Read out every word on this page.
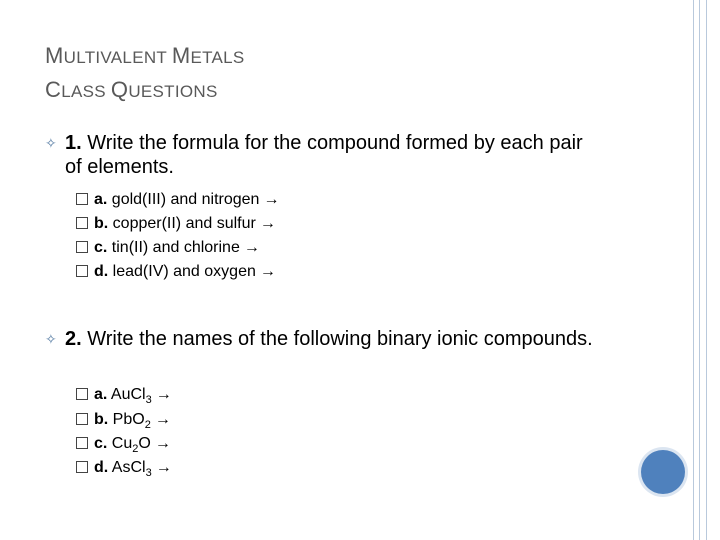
MULTIVALENT METALS
CLASS QUESTIONS
✧ 1. Write the formula for the compound formed by each pair of elements.
a. gold(III) and nitrogen →
b. copper(II) and sulfur →
c. tin(II) and chlorine →
d. lead(IV) and oxygen →
✧ 2. Write the names of the following binary ionic compounds.
a. AuCl$_3$ →
b. PbO$_2$ →
c. $Cu_2O$ →
d. AsCl$_3$ →
